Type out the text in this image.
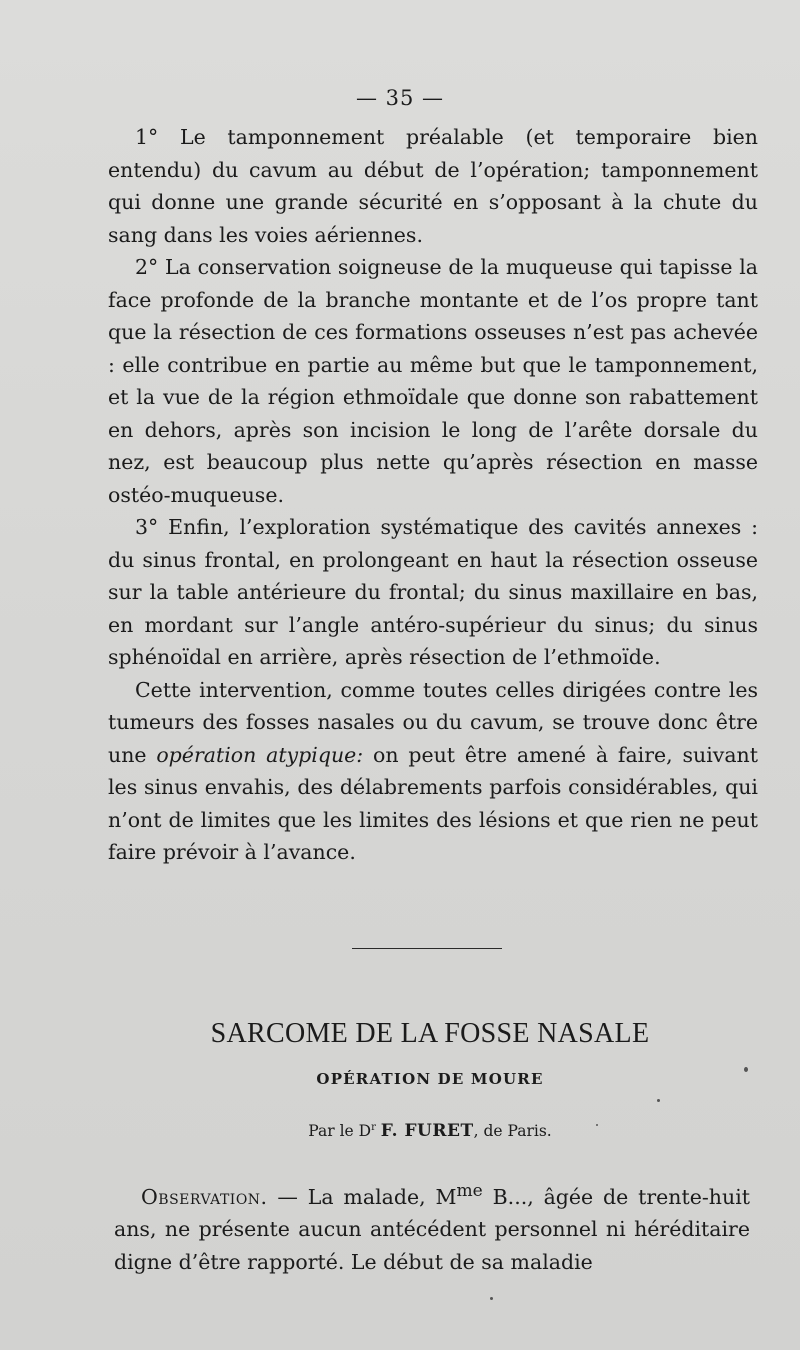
— 35 —

1° Le tamponnement préalable (et temporaire bien entendu) du cavum au début de l’opération; tamponnement qui donne une grande sécurité en s’opposant à la chute du sang dans les voies aériennes.

2° La conservation soigneuse de la muqueuse qui tapisse la face profonde de la branche montante et de l’os propre tant que la résection de ces formations osseuses n’est pas achevée : elle contribue en partie au même but que le tamponnement, et la vue de la région ethmoïdale que donne son rabattement en dehors, après son incision le long de l’arête dorsale du nez, est beaucoup plus nette qu’après résection en masse ostéo-muqueuse.

3° Enfin, l’exploration systématique des cavités annexes : du sinus frontal, en prolongeant en haut la résection osseuse sur la table antérieure du frontal; du sinus maxillaire en bas, en mordant sur l’angle antéro-supérieur du sinus; du sinus sphénoïdal en arrière, après résection de l’ethmoïde.

Cette intervention, comme toutes celles dirigées contre les tumeurs des fosses nasales ou du cavum, se trouve donc être une opération atypique: on peut être amené à faire, suivant les sinus envahis, des délabrements parfois considérables, qui n’ont de limites que les limites des lésions et que rien ne peut faire prévoir à l’avance.

SARCOME DE LA FOSSE NASALE
OPÉRATION DE MOURE
Par le $D^r$ F. FURET, de Paris.

Observation. — La malade, $M^{me}$ B..., âgée de trente-huit ans, ne présente aucun antécédent personnel ni héréditaire digne d’être rapporté. Le début de sa maladie
